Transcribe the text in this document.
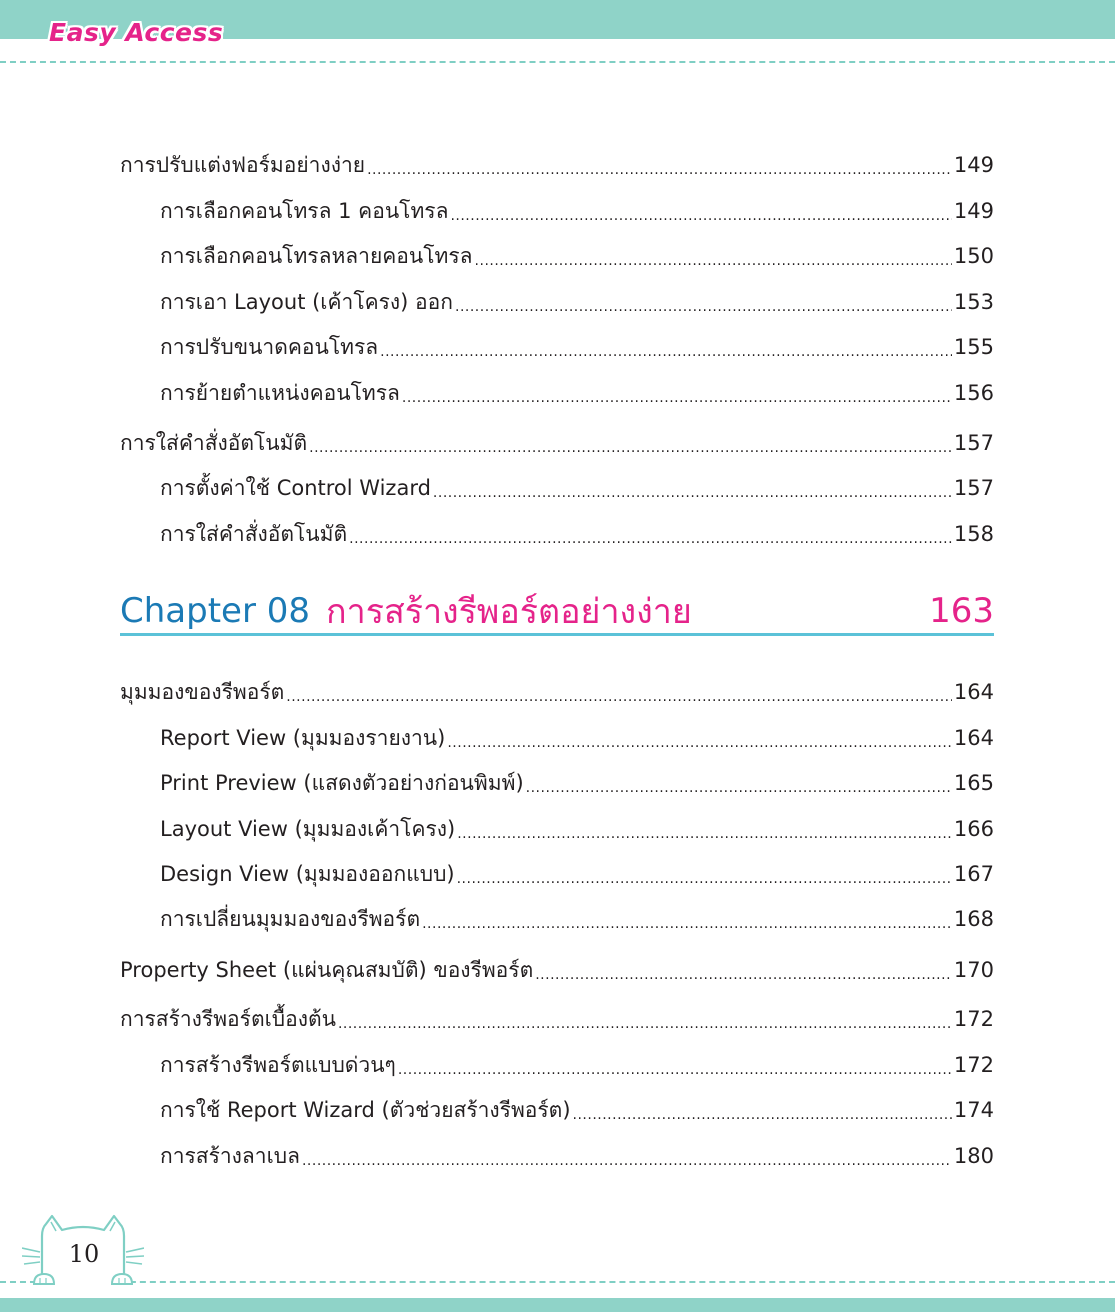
Easy Access
การปรับแต่งฟอร์มอย่างง่าย .....	149
การเลือกคอนโทรล 1 คอนโทรล .....	149
การเลือกคอนโทรลหลายคอนโทรล .....	150
การเอา Layout (เค้าโครง) ออก .....	153
การปรับขนาดคอนโทรล .....	155
การย้ายตำแหน่งคอนโทรล .....	156
การใส่คำสั่งอัตโนมัติ .....	157
การตั้งค่าใช้ Control Wizard .....	157
การใส่คำสั่งอัตโนมัติ .....	158
Chapter 08 การสร้างรีพอร์ตอย่างง่าย	163
มุมมองของรีพอร์ต .....	164
Report View (มุมมองรายงาน) .....	164
Print Preview (แสดงตัวอย่างก่อนพิมพ์) .....	165
Layout View (มุมมองเค้าโครง) .....	166
Design View (มุมมองออกแบบ) .....	167
การเปลี่ยนมุมมองของรีพอร์ต .....	168
Property Sheet (แผ่นคุณสมบัติ) ของรีพอร์ต .....	170
การสร้างรีพอร์ตเบื้องต้น .....	172
การสร้างรีพอร์ตแบบด่วนๆ .....	172
การใช้ Report Wizard (ตัวช่วยสร้างรีพอร์ต) .....	174
การสร้างลาเบล .....	180
10
